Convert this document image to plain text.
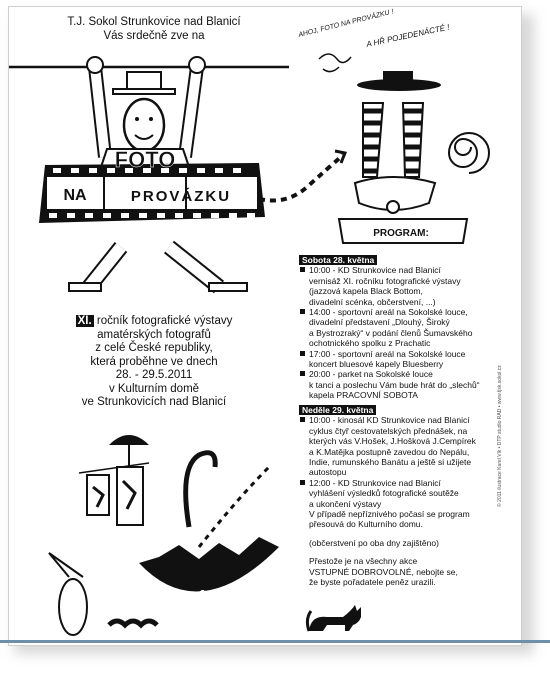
T.J. Sokol Strunkovice nad Blanicí
Vás srdečně zve na
NA
FOTO
PROVÁZKU
AHOJ, FOTO NA PROVÁZKU !
A HŘ POJEDENÁCTÉ !
PROGRAM:
XI. ročník fotografické výstavy
amatérských fotografů
z celé České republiky,
která proběhne ve dnech
28. - 29.5.2011
v Kulturním domě
ve Strunkovicích nad Blanicí
Sobota 28. května
10:00 - KD Strunkovice nad Blanicí
vernisáž XI. ročníku fotografické výstavy
(jazzová kapela Black Bottom,
divadelní scénka, občerstvení, ...)
14:00 - sportovní areál na Sokolské louce,
divadelní představení „Dlouhý, Široký
a Bystrozraký“ v podání členů Šumavského
ochotnického spolku z Prachatic
17:00 - sportovní areál na Sokolské louce
koncert bluesové kapely Bluesberry
20:00 - parket na Sokolské louce
k tanci a poslechu Vám bude hrát do „slechů“
kapela PRACOVNÍ SOBOTA
Neděle 29. května
10:00 - kinosál KD Strunkovice nad Blanicí
cyklus čtyř cestovatelských přednášek, na
kterých vás V.Hošek, J.Hošková J.Cempírek
a K.Matějka postupně zavedou do Nepálu,
Indie, rumunského Banátu a ještě si užijete
autostopu
12:00 - KD Strunkovice nad Blanicí
vyhlášení výsledků fotografické soutěže
a ukončení výstavy
V případě nepříznivého počasí se program
přesouvá do Kulturního domu.
(občerstvení po oba dny zajištěno)
Přestože je na všechny akce
VSTUPNÉ DOBROVOLNÉ, nebojte se,
že byste pořadatele peněz urazili.
11
© 2011 ilustrace Karel Vlk • DTP studio RAD • www.tjsk.sokol.cz
